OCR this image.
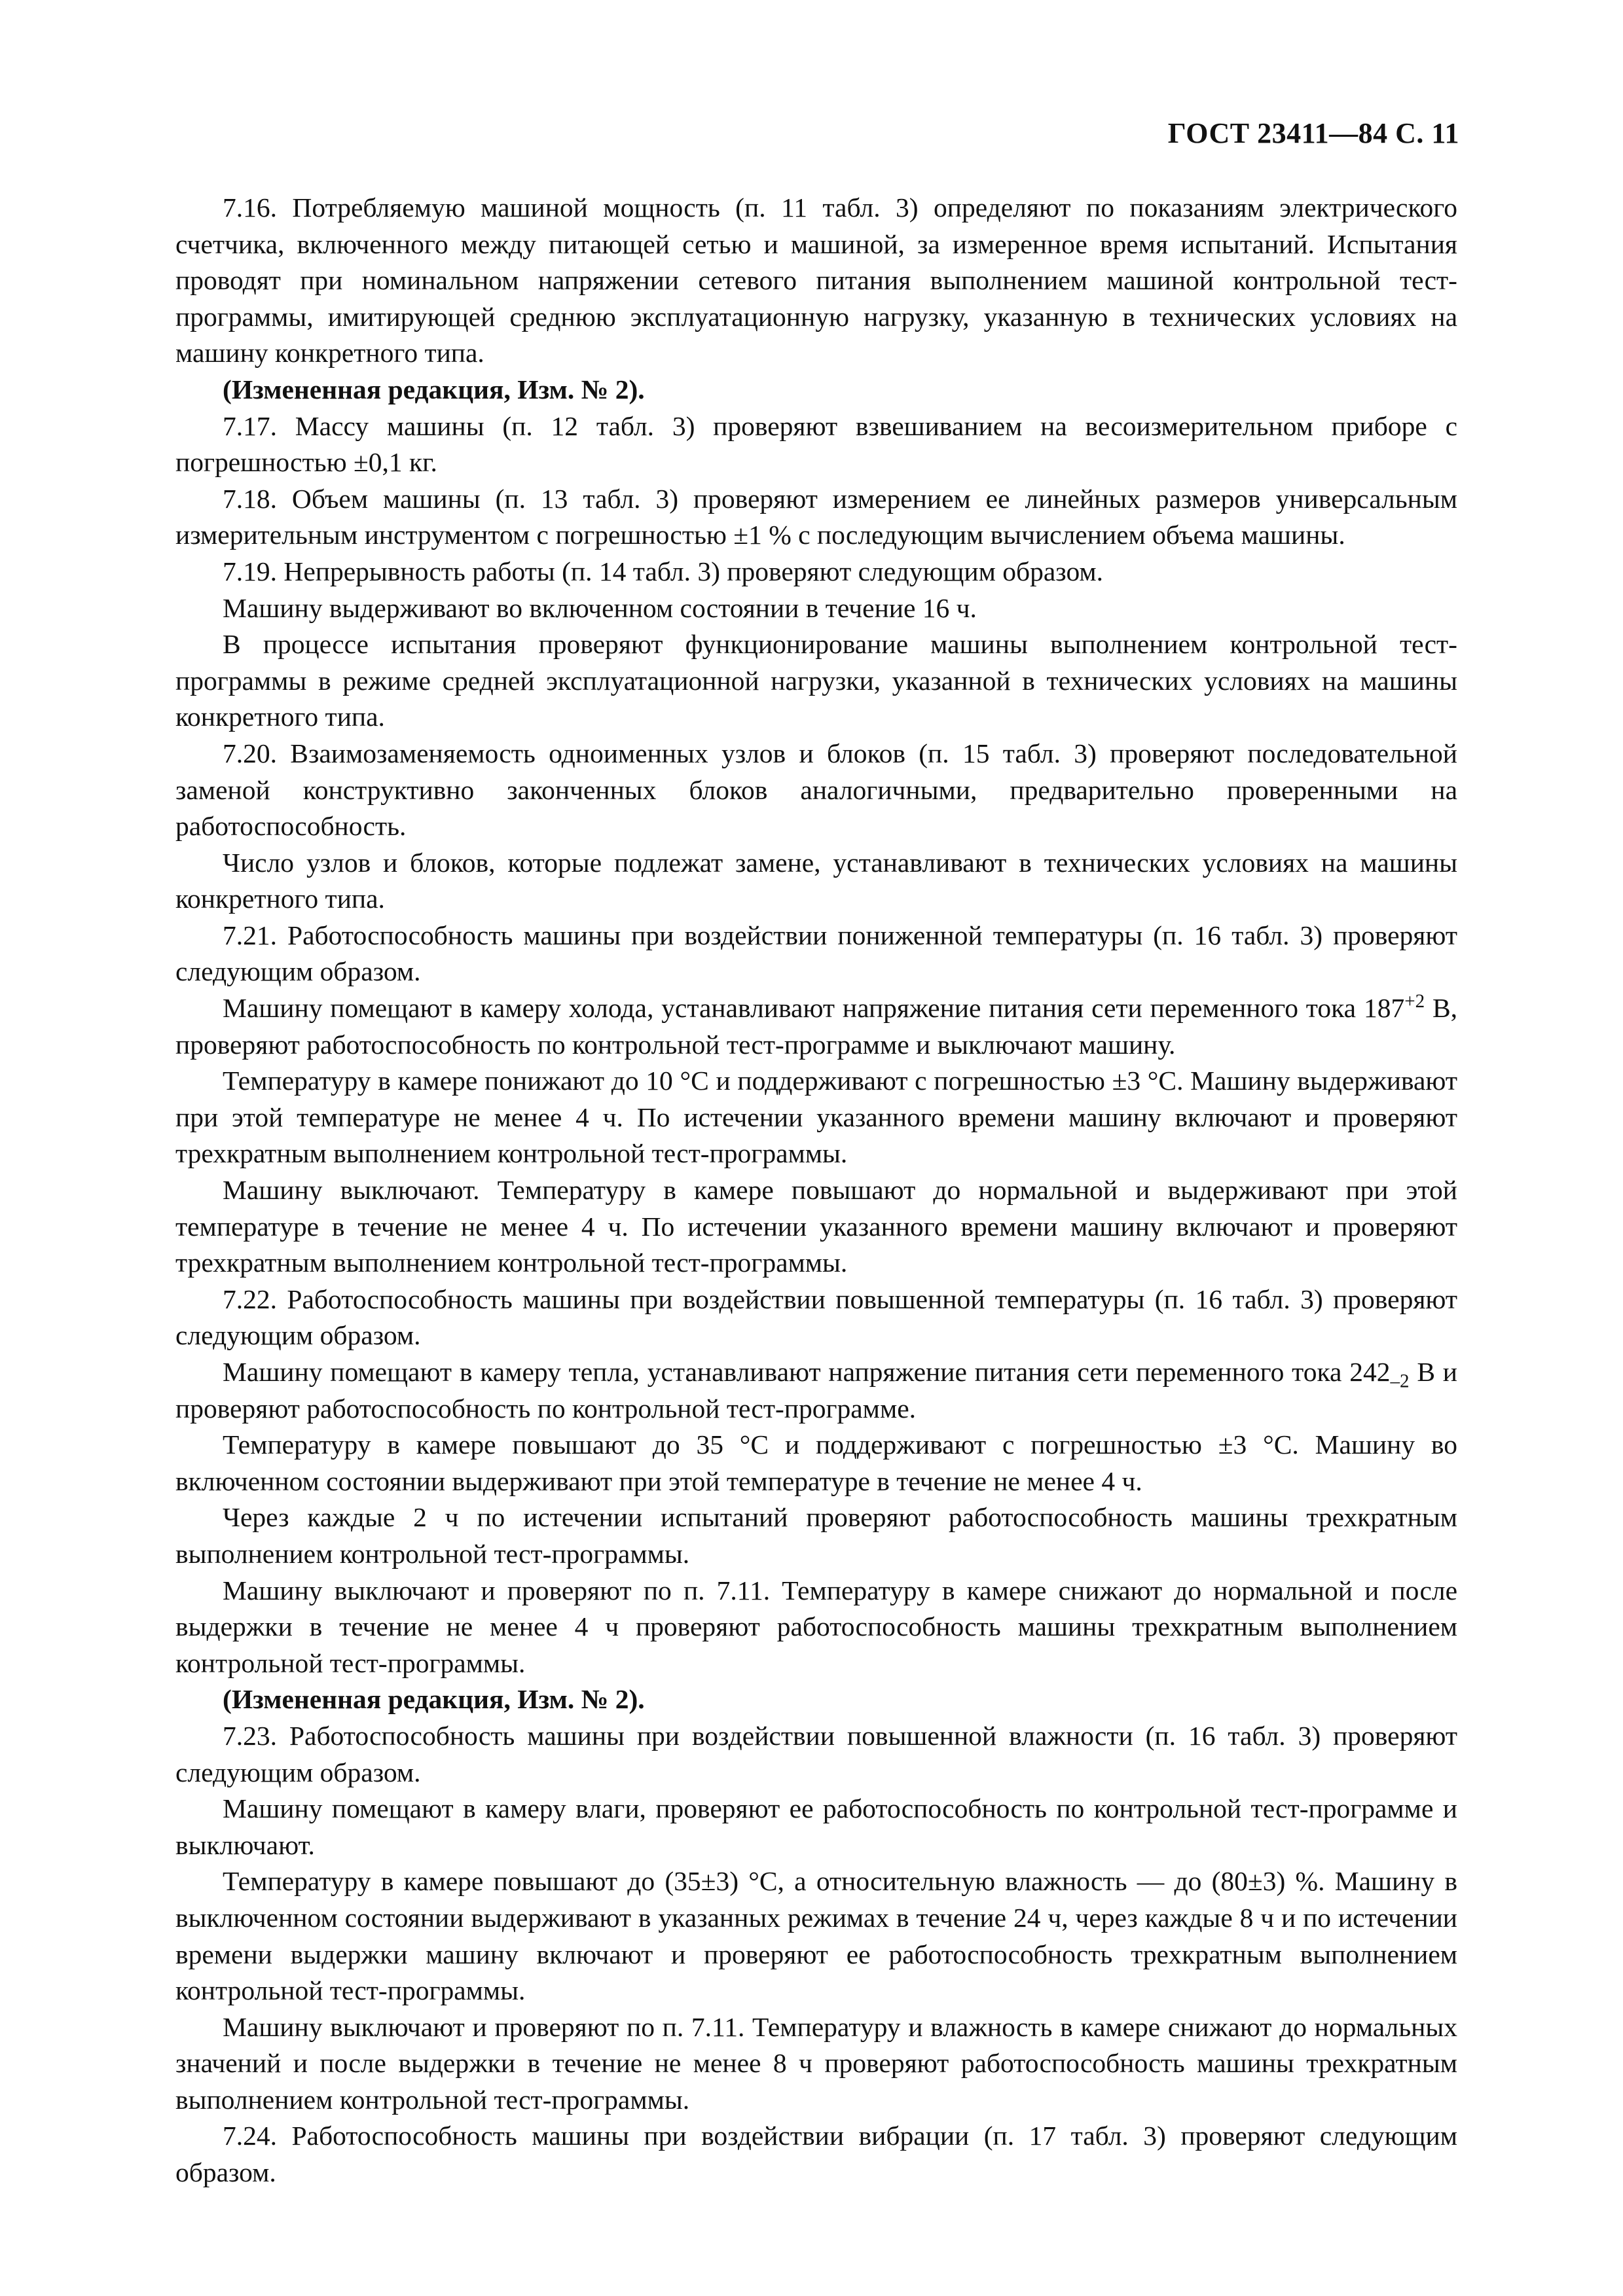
ГОСТ 23411—84 С. 11

7.16. Потребляемую машиной мощность (п. 11 табл. 3) определяют по показаниям электрического счетчика, включенного между питающей сетью и машиной, за измеренное время испытаний. Испытания проводят при номинальном напряжении сетевого питания выполнением машиной контрольной тест-программы, имитирующей среднюю эксплуатационную нагрузку, указанную в технических условиях на машину конкретного типа.

(Измененная редакция, Изм. № 2).

7.17. Массу машины (п. 12 табл. 3) проверяют взвешиванием на весоизмерительном приборе с погрешностью ±0,1 кг.

7.18. Объем машины (п. 13 табл. 3) проверяют измерением ее линейных размеров универсальным измерительным инструментом с погрешностью ±1 % с последующим вычислением объема машины.

7.19. Непрерывность работы (п. 14 табл. 3) проверяют следующим образом.

Машину выдерживают во включенном состоянии в течение 16 ч.

В процессе испытания проверяют функционирование машины выполнением контрольной тест-программы в режиме средней эксплуатационной нагрузки, указанной в технических условиях на машины конкретного типа.

7.20. Взаимозаменяемость одноименных узлов и блоков (п. 15 табл. 3) проверяют последовательной заменой конструктивно законченных блоков аналогичными, предварительно проверенными на работоспособность.

Число узлов и блоков, которые подлежат замене, устанавливают в технических условиях на машины конкретного типа.

7.21. Работоспособность машины при воздействии пониженной температуры (п. 16 табл. 3) проверяют следующим образом.

Машину помещают в камеру холода, устанавливают напряжение питания сети переменного тока $187^{+2}$ В, проверяют работоспособность по контрольной тест-программе и выключают машину.

Температуру в камере понижают до 10 °С и поддерживают с погрешностью ±3 °С. Машину выдерживают при этой температуре не менее 4 ч. По истечении указанного времени машину включают и проверяют трехкратным выполнением контрольной тест-программы.

Машину выключают. Температуру в камере повышают до нормальной и выдерживают при этой температуре в течение не менее 4 ч. По истечении указанного времени машину включают и проверяют трехкратным выполнением контрольной тест-программы.

7.22. Работоспособность машины при воздействии повышенной температуры (п. 16 табл. 3) проверяют следующим образом.

Машину помещают в камеру тепла, устанавливают напряжение питания сети переменного тока $242_{-2}$ В и проверяют работоспособность по контрольной тест-программе.

Температуру в камере повышают до 35 °С и поддерживают с погрешностью ±3 °С. Машину во включенном состоянии выдерживают при этой температуре в течение не менее 4 ч.

Через каждые 2 ч по истечении испытаний проверяют работоспособность машины трехкратным выполнением контрольной тест-программы.

Машину выключают и проверяют по п. 7.11. Температуру в камере снижают до нормальной и после выдержки в течение не менее 4 ч проверяют работоспособность машины трехкратным выполнением контрольной тест-программы.

(Измененная редакция, Изм. № 2).

7.23. Работоспособность машины при воздействии повышенной влажности (п. 16 табл. 3) проверяют следующим образом.

Машину помещают в камеру влаги, проверяют ее работоспособность по контрольной тест-программе и выключают.

Температуру в камере повышают до (35±3) °С, а относительную влажность — до (80±3) %. Машину в выключенном состоянии выдерживают в указанных режимах в течение 24 ч, через каждые 8 ч и по истечении времени выдержки машину включают и проверяют ее работоспособность трехкратным выполнением контрольной тест-программы.

Машину выключают и проверяют по п. 7.11. Температуру и влажность в камере снижают до нормальных значений и после выдержки в течение не менее 8 ч проверяют работоспособность машины трехкратным выполнением контрольной тест-программы.

7.24. Работоспособность машины при воздействии вибрации (п. 17 табл. 3) проверяют следующим образом.
